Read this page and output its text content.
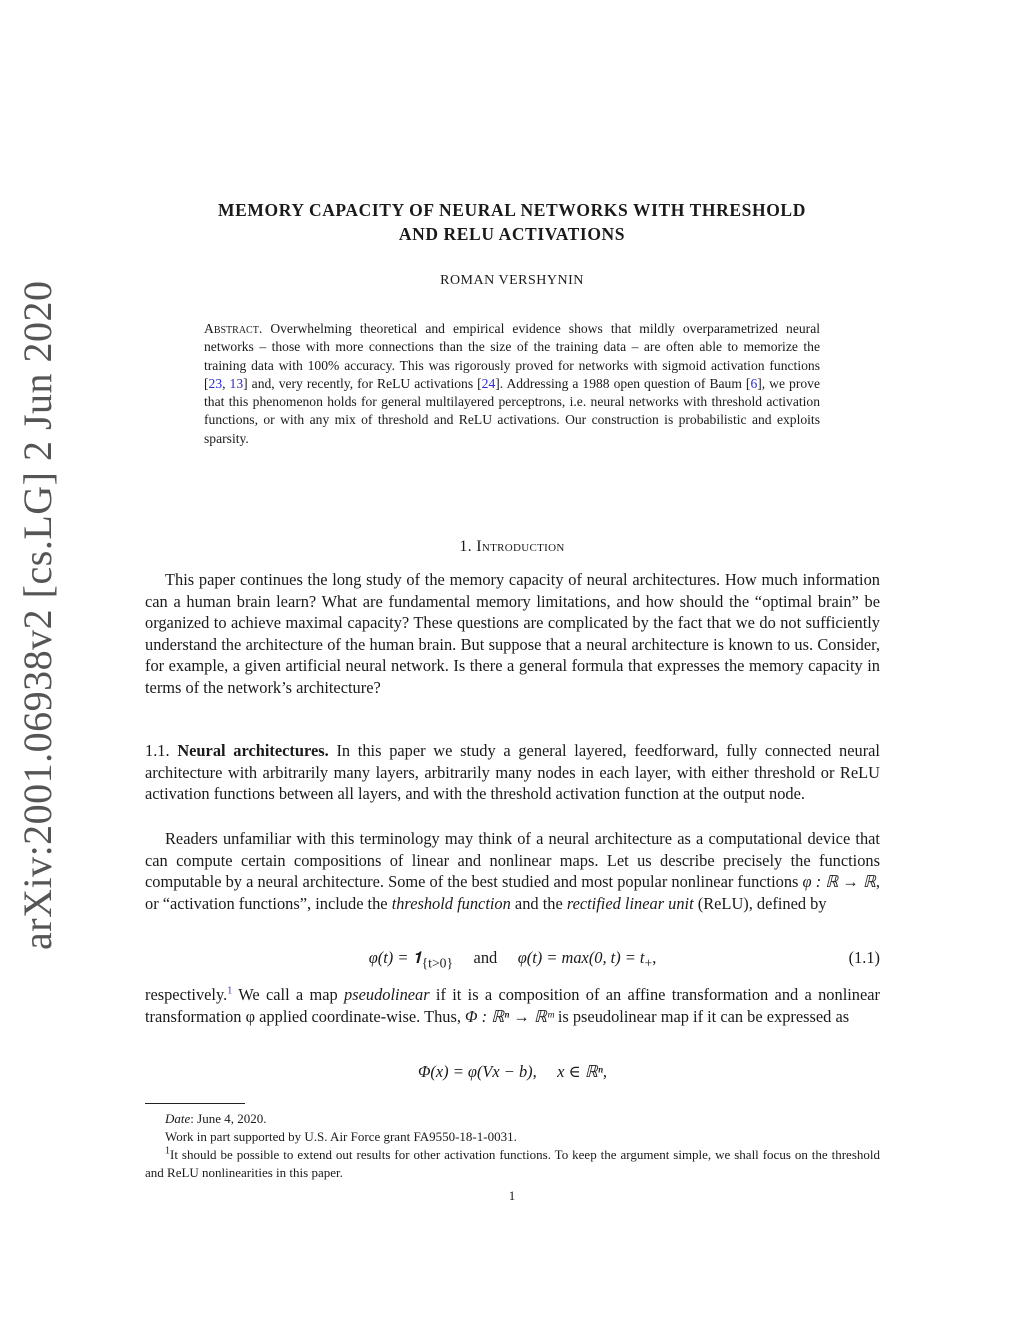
arXiv:2001.06938v2 [cs.LG] 2 Jun 2020
MEMORY CAPACITY OF NEURAL NETWORKS WITH THRESHOLD
AND RELU ACTIVATIONS
ROMAN VERSHYNIN
Abstract. Overwhelming theoretical and empirical evidence shows that mildly overparametrized neural networks – those with more connections than the size of the training data – are often able to memorize the training data with 100% accuracy. This was rigorously proved for networks with sigmoid activation functions [23, 13] and, very recently, for ReLU activations [24]. Addressing a 1988 open question of Baum [6], we prove that this phenomenon holds for general multilayered perceptrons, i.e. neural networks with threshold activation functions, or with any mix of threshold and ReLU activations. Our construction is probabilistic and exploits sparsity.
1. Introduction
This paper continues the long study of the memory capacity of neural architectures. How much information can a human brain learn? What are fundamental memory limitations, and how should the “optimal brain” be organized to achieve maximal capacity? These questions are complicated by the fact that we do not sufficiently understand the architecture of the human brain. But suppose that a neural architecture is known to us. Consider, for example, a given artificial neural network. Is there a general formula that expresses the memory capacity in terms of the network’s architecture?
1.1. Neural architectures. In this paper we study a general layered, feedforward, fully connected neural architecture with arbitrarily many layers, arbitrarily many nodes in each layer, with either threshold or ReLU activation functions between all layers, and with the threshold activation function at the output node.
Readers unfamiliar with this terminology may think of a neural architecture as a computational device that can compute certain compositions of linear and nonlinear maps. Let us describe precisely the functions computable by a neural architecture. Some of the best studied and most popular nonlinear functions φ : ℝ → ℝ, or “activation functions”, include the threshold function and the rectified linear unit (ReLU), defined by
$\varphi(t) = 𝟏_{\{t>0\}}$ and φ(t) = max(0, $t) = t_+$,	(1.1)
respectively.$^1$ We call a map pseudolinear if it is a composition of an affine transformation and a nonlinear transformation φ applied coordinate-wise. Thus, Φ : ℝⁿ → ℝᵐ is pseudolinear map if it can be expressed as
Φ(x) = φ(Vx − b),     x ∈ ℝⁿ,

Date: June 4, 2020.

Work in part supported by U.S. Air Force grant FA9550-18-1-0031.

$^1$It should be possible to extend out results for other activation functions. To keep the argument simple, we shall focus on the threshold and ReLU nonlinearities in this paper.

1
